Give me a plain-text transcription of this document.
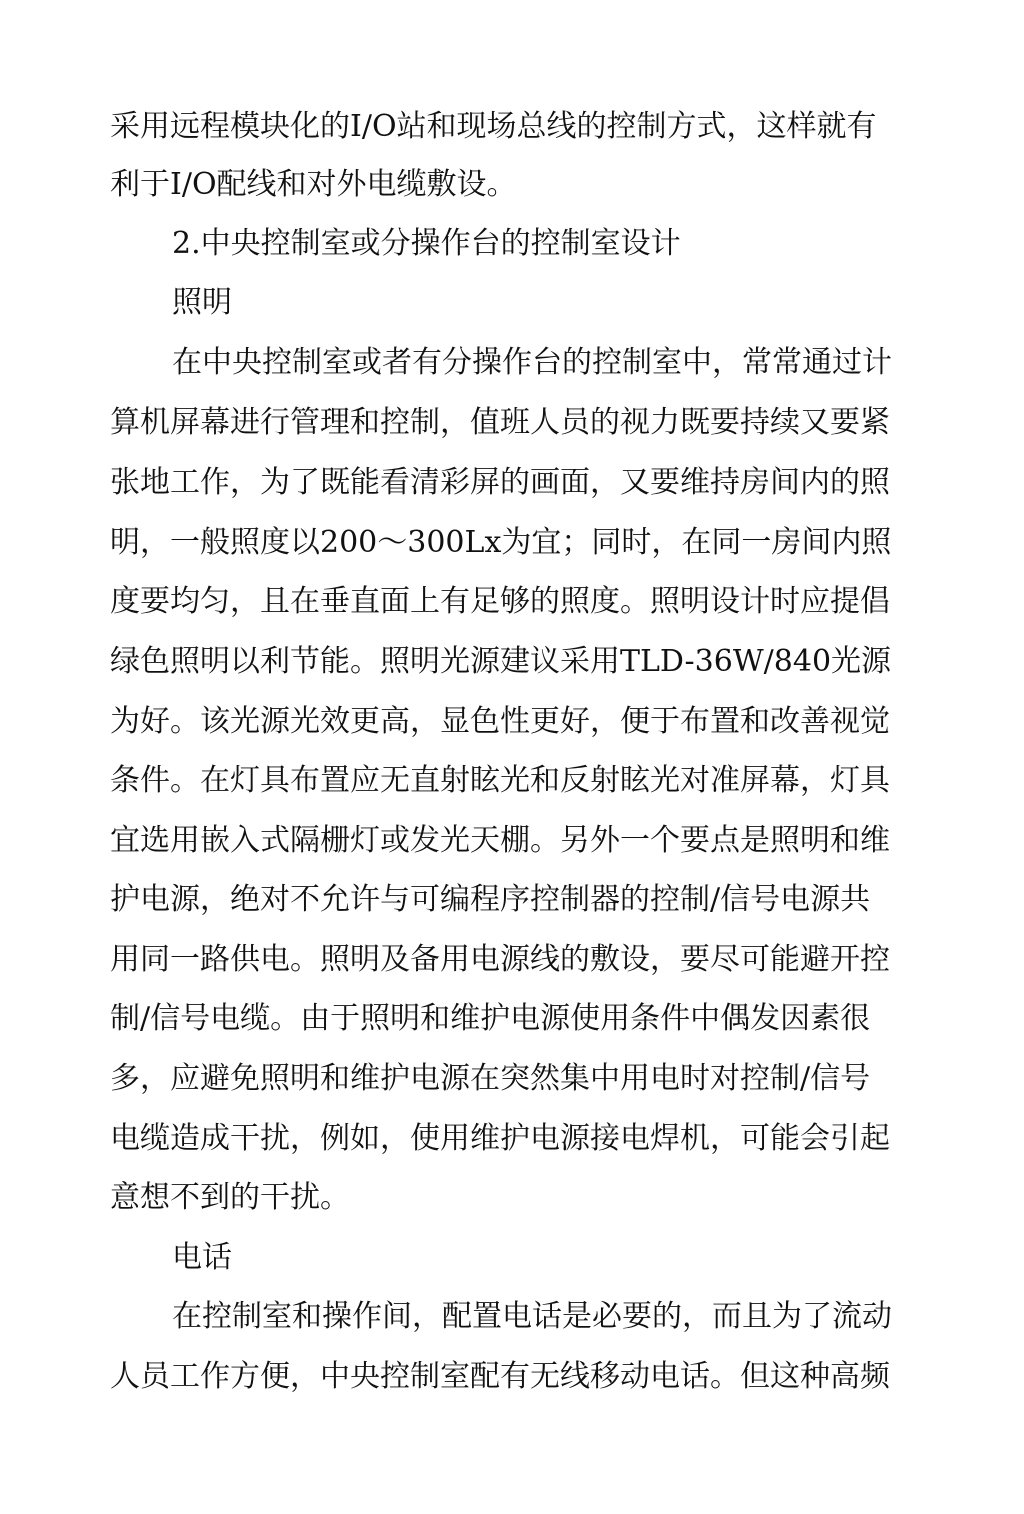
采用远程模块化的I/O站和现场总线的控制方式，这样就有
利于I/O配线和对外电缆敷设。
2.中央控制室或分操作台的控制室设计
照明
在中央控制室或者有分操作台的控制室中，常常通过计
算机屏幕进行管理和控制，值班人员的视力既要持续又要紧
张地工作，为了既能看清彩屏的画面，又要维持房间内的照
明，一般照度以200～300Lx为宜；同时，在同一房间内照
度要均匀，且在垂直面上有足够的照度。照明设计时应提倡
绿色照明以利节能。照明光源建议采用TLD-36W/840光源
为好。该光源光效更高，显色性更好，便于布置和改善视觉
条件。在灯具布置应无直射眩光和反射眩光对准屏幕，灯具
宜选用嵌入式隔栅灯或发光天棚。另外一个要点是照明和维
护电源，绝对不允许与可编程序控制器的控制/信号电源共
用同一路供电。照明及备用电源线的敷设，要尽可能避开控
制/信号电缆。由于照明和维护电源使用条件中偶发因素很
多，应避免照明和维护电源在突然集中用电时对控制/信号
电缆造成干扰，例如，使用维护电源接电焊机，可能会引起
意想不到的干扰。
电话
在控制室和操作间，配置电话是必要的，而且为了流动
人员工作方便，中央控制室配有无线移动电话。但这种高频
